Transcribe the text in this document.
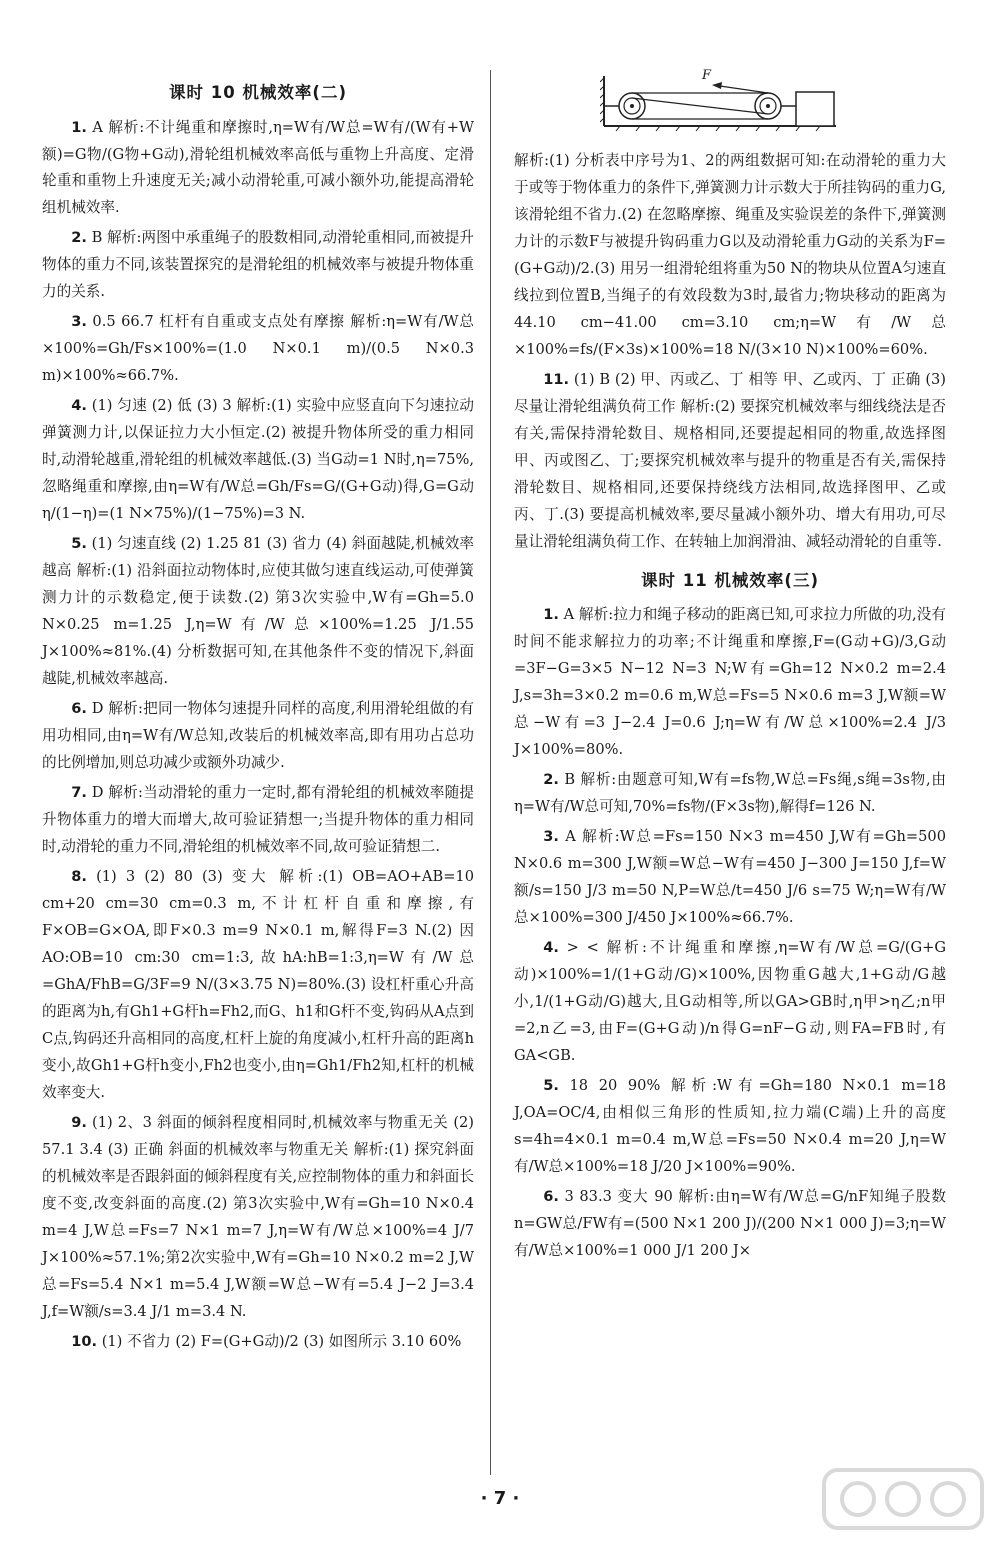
课时 10 机械效率(二)

1. A 解析:不计绳重和摩擦时,η=W有/W总=W有/(W有+W额)=G物/(G物+G动),滑轮组机械效率高低与重物上升高度、定滑轮重和重物上升速度无关;减小动滑轮重,可减小额外功,能提高滑轮组机械效率.

2. B 解析:两图中承重绳子的股数相同,动滑轮重相同,而被提升物体的重力不同,该装置探究的是滑轮组的机械效率与被提升物体重力的关系.

3. 0.5 66.7 杠杆有自重或支点处有摩擦 解析:η=W有/W总×100%=Gh/Fs×100%=(1.0 N×0.1 m)/(0.5 N×0.3 m)×100%≈66.7%.

4. (1) 匀速 (2) 低 (3) 3 解析:(1) 实验中应竖直向下匀速拉动弹簧测力计,以保证拉力大小恒定.(2) 被提升物体所受的重力相同时,动滑轮越重,滑轮组的机械效率越低.(3) 当G动=1 N时,η=75%,忽略绳重和摩擦,由η=W有/W总=Gh/Fs=G/(G+G动)得,G=G动η/(1−η)=(1 N×75%)/(1−75%)=3 N.

5. (1) 匀速直线 (2) 1.25 81 (3) 省力 (4) 斜面越陡,机械效率越高 解析:(1) 沿斜面拉动物体时,应使其做匀速直线运动,可使弹簧测力计的示数稳定,便于读数.(2) 第3次实验中,W有=Gh=5.0 N×0.25 m=1.25 J,η=W有/W总×100%=1.25 J/1.55 J×100%≈81%.(4) 分析数据可知,在其他条件不变的情况下,斜面越陡,机械效率越高.

6. D 解析:把同一物体匀速提升同样的高度,利用滑轮组做的有用功相同,由η=W有/W总知,改装后的机械效率高,即有用功占总功的比例增加,则总功减少或额外功减少.

7. D 解析:当动滑轮的重力一定时,都有滑轮组的机械效率随提升物体重力的增大而增大,故可验证猜想一;当提升物体的重力相同时,动滑轮的重力不同,滑轮组的机械效率不同,故可验证猜想二.

8. (1) 3 (2) 80 (3) 变大 解析:(1) OB=AO+AB=10 cm+20 cm=30 cm=0.3 m,不计杠杆自重和摩擦,有F×OB=G×OA,即F×0.3 m=9 N×0.1 m,解得F=3 N.(2) 因AO:OB=10 cm:30 cm=1:3,故hA:hB=1:3,η=W有/W总=GhA/FhB=G/3F=9 N/(3×3.75 N)=80%.(3) 设杠杆重心升高的距离为h,有Gh1+G杆h=Fh2,而G、h1和G杆不变,钩码从A点到C点,钩码还升高相同的高度,杠杆上旋的角度减小,杠杆升高的距离h变小,故Gh1+G杆h变小,Fh2也变小,由η=Gh1/Fh2知,杠杆的机械效率变大.

9. (1) 2、3 斜面的倾斜程度相同时,机械效率与物重无关 (2) 57.1 3.4 (3) 正确 斜面的机械效率与物重无关 解析:(1) 探究斜面的机械效率是否跟斜面的倾斜程度有关,应控制物体的重力和斜面长度不变,改变斜面的高度.(2) 第3次实验中,W有=Gh=10 N×0.4 m=4 J,W总=Fs=7 N×1 m=7 J,η=W有/W总×100%=4 J/7 J×100%≈57.1%;第2次实验中,W有=Gh=10 N×0.2 m=2 J,W总=Fs=5.4 N×1 m=5.4 J,W额=W总−W有=5.4 J−2 J=3.4 J,f=W额/s=3.4 J/1 m=3.4 N.

10. (1) 不省力 (2) F=(G+G动)/2 (3) 如图所示 3.10 60%

F

解析:(1) 分析表中序号为1、2的两组数据可知:在动滑轮的重力大于或等于物体重力的条件下,弹簧测力计示数大于所挂钩码的重力G,该滑轮组不省力.(2) 在忽略摩擦、绳重及实验误差的条件下,弹簧测力计的示数F与被提升钩码重力G以及动滑轮重力G动的关系为F=(G+G动)/2.(3) 用另一组滑轮组将重为50 N的物块从位置A匀速直线拉到位置B,当绳子的有效段数为3时,最省力;物块移动的距离为44.10 cm−41.00 cm=3.10 cm;η=W有/W总×100%=fs/(F×3s)×100%=18 N/(3×10 N)×100%=60%.

11. (1) B (2) 甲、丙或乙、丁 相等 甲、乙或丙、丁 正确 (3) 尽量让滑轮组满负荷工作 解析:(2) 要探究机械效率与细线绕法是否有关,需保持滑轮数目、规格相同,还要提起相同的物重,故选择图甲、丙或图乙、丁;要探究机械效率与提升的物重是否有关,需保持滑轮数目、规格相同,还要保持绕线方法相同,故选择图甲、乙或丙、丁.(3) 要提高机械效率,要尽量减小额外功、增大有用功,可尽量让滑轮组满负荷工作、在转轴上加润滑油、减轻动滑轮的自重等.

课时 11 机械效率(三)

1. A 解析:拉力和绳子移动的距离已知,可求拉力所做的功,没有时间不能求解拉力的功率;不计绳重和摩擦,F=(G动+G)/3,G动=3F−G=3×5 N−12 N=3 N;W有=Gh=12 N×0.2 m=2.4 J,s=3h=3×0.2 m=0.6 m,W总=Fs=5 N×0.6 m=3 J,W额=W总−W有=3 J−2.4 J=0.6 J;η=W有/W总×100%=2.4 J/3 J×100%=80%.

2. B 解析:由题意可知,W有=fs物,W总=Fs绳,s绳=3s物,由η=W有/W总可知,70%=fs物/(F×3s物),解得f=126 N.

3. A 解析:W总=Fs=150 N×3 m=450 J,W有=Gh=500 N×0.6 m=300 J,W额=W总−W有=450 J−300 J=150 J,f=W额/s=150 J/3 m=50 N,P=W总/t=450 J/6 s=75 W;η=W有/W总×100%=300 J/450 J×100%≈66.7%.

4. > < 解析:不计绳重和摩擦,η=W有/W总=G/(G+G动)×100%=1/(1+G动/G)×100%,因物重G越大,1+G动/G越小,1/(1+G动/G)越大,且G动相等,所以GA>GB时,η甲>η乙;n甲=2,n乙=3,由F=(G+G动)/n得G=nF−G动,则FA=FB时,有GA<GB.

5. 18 20 90% 解析:W有=Gh=180 N×0.1 m=18 J,OA=OC/4,由相似三角形的性质知,拉力端(C端)上升的高度s=4h=4×0.1 m=0.4 m,W总=Fs=50 N×0.4 m=20 J,η=W有/W总×100%=18 J/20 J×100%=90%.

6. 3 83.3 变大 90 解析:由η=W有/W总=G/nF知绳子股数n=GW总/FW有=(500 N×1 200 J)/(200 N×1 000 J)=3;η=W有/W总×100%=1 000 J/1 200 J×

· 7 ·
